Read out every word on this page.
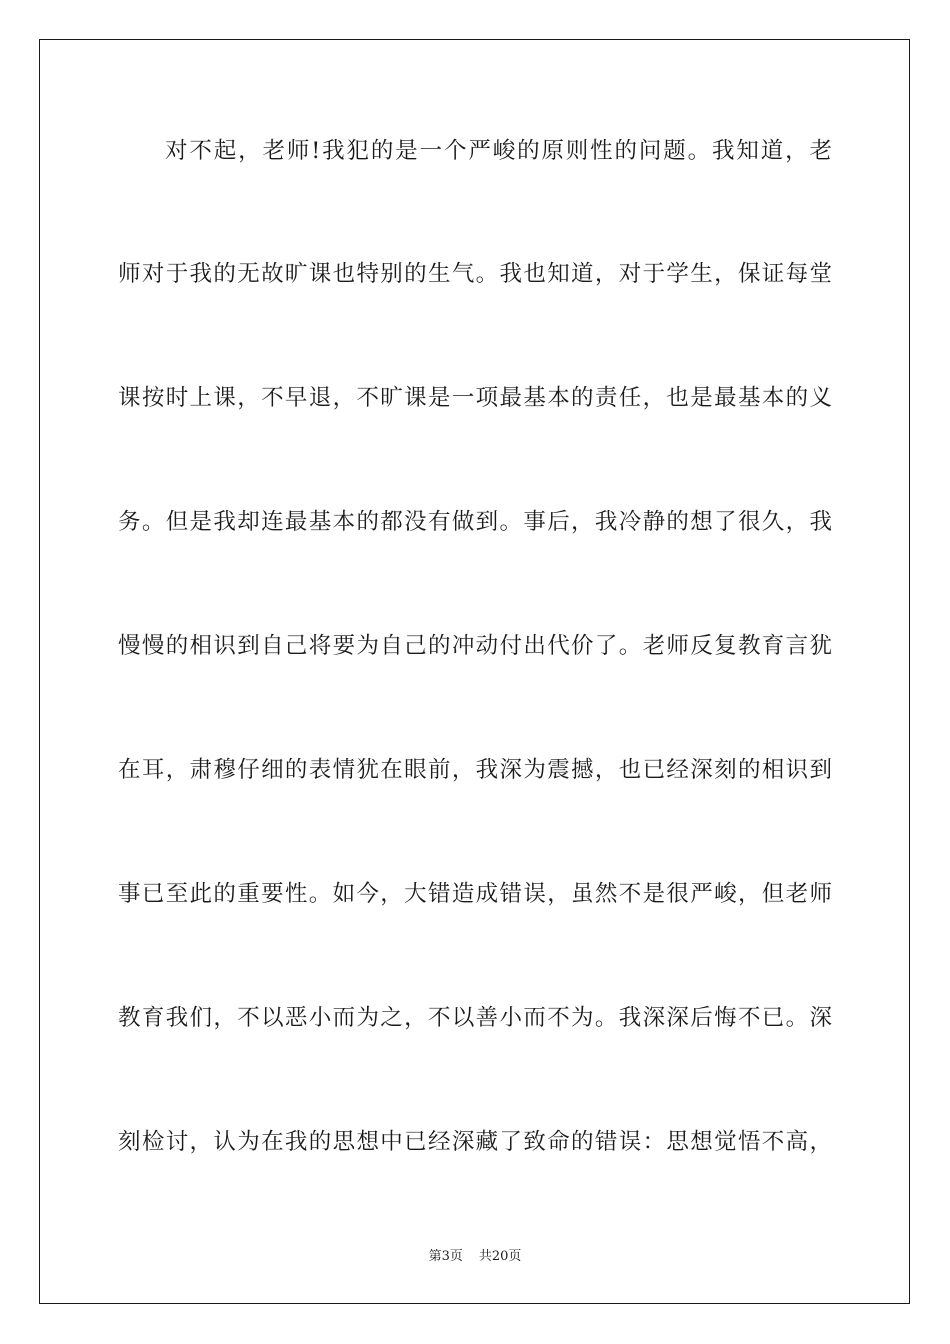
对不起，老师!我犯的是一个严峻的原则性的问题。我知道，老
师对于我的无故旷课也特别的生气。我也知道，对于学生，保证每堂
课按时上课，不早退，不旷课是一项最基本的责任，也是最基本的义
务。但是我却连最基本的都没有做到。事后，我冷静的想了很久，我
慢慢的相识到自己将要为自己的冲动付出代价了。老师反复教育言犹
在耳，肃穆仔细的表情犹在眼前，我深为震撼，也已经深刻的相识到
事已至此的重要性。如今，大错造成错误，虽然不是很严峻，但老师
教育我们，不以恶小而为之，不以善小而不为。我深深后悔不已。深
刻检讨，认为在我的思想中已经深藏了致命的错误：思想觉悟不高，
第3页 共20页
